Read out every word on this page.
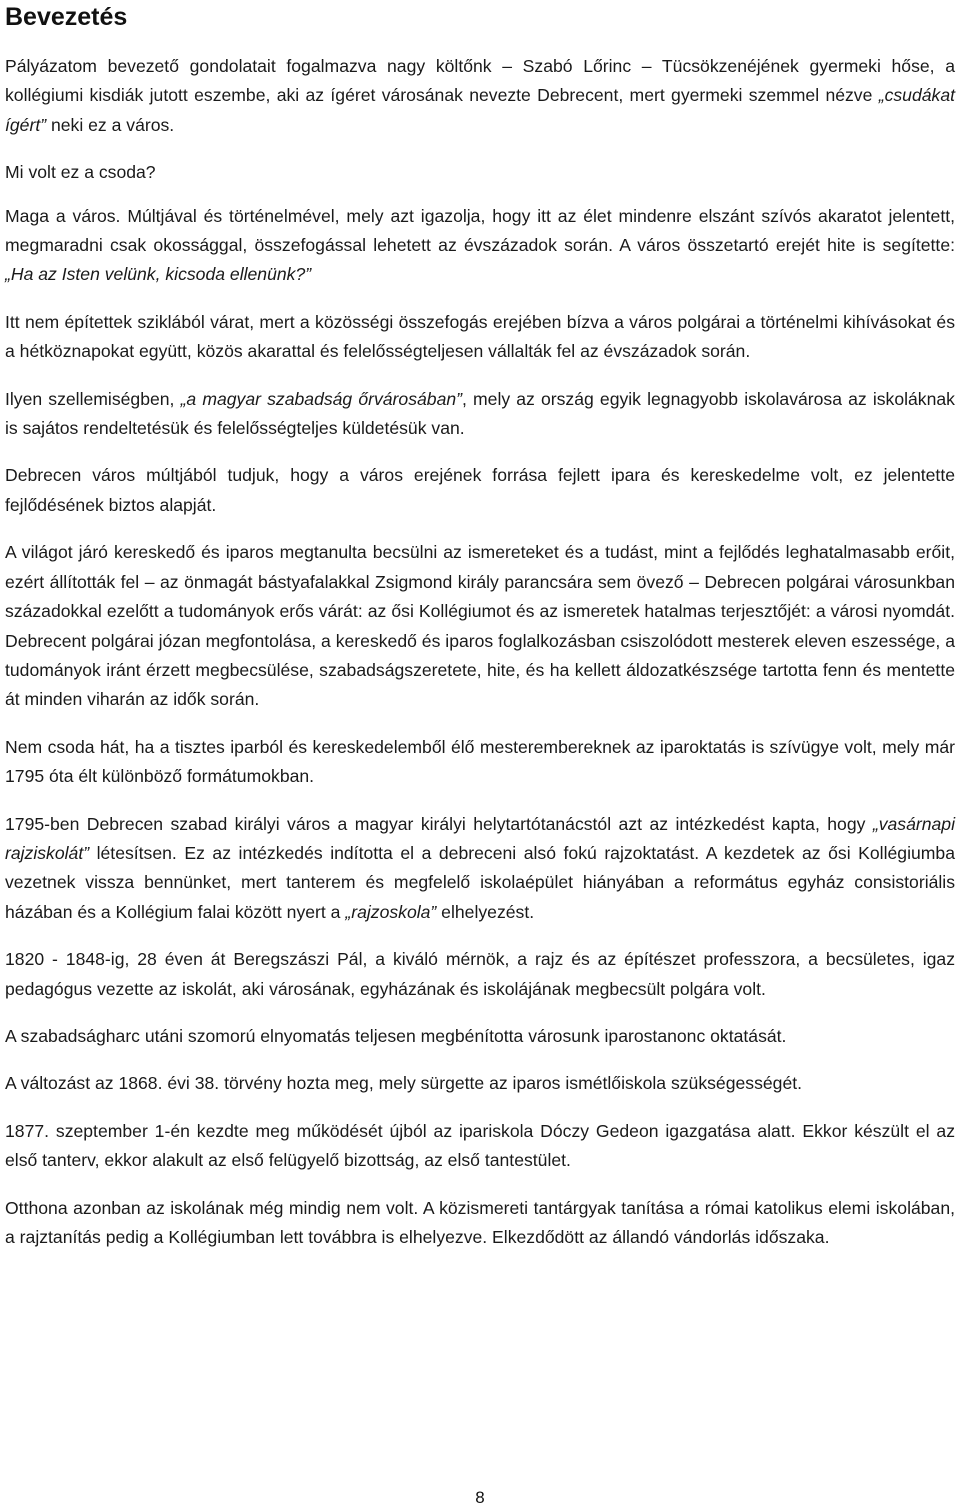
Bevezetés

Pályázatom bevezető gondolatait fogalmazva nagy költőnk – Szabó Lőrinc – Tücsökzenéjének gyermeki hőse, a kollégiumi kisdiák jutott eszembe, aki az ígéret városának nevezte Debrecent, mert gyermeki szemmel nézve „csudákat ígért” neki ez a város.

Mi volt ez a csoda?

Maga a város. Múltjával és történelmével, mely azt igazolja, hogy itt az élet mindenre elszánt szívós akaratot jelentett, megmaradni csak okossággal, összefogással lehetett az évszázadok során. A város összetartó erejét hite is segítette: „Ha az Isten velünk, kicsoda ellenünk?”

Itt nem építettek sziklából várat, mert a közösségi összefogás erejében bízva a város polgárai a történelmi kihívásokat és a hétköznapokat együtt, közös akarattal és felelősségteljesen vállalták fel az évszázadok során.

Ilyen szellemiségben, „a magyar szabadság őrvárosában”, mely az ország egyik legnagyobb iskolavárosa az iskoláknak is sajátos rendeltetésük és felelősségteljes küldetésük van.

Debrecen város múltjából tudjuk, hogy a város erejének forrása fejlett ipara és kereskedelme volt, ez jelentette fejlődésének biztos alapját.

A világot járó kereskedő és iparos megtanulta becsülni az ismereteket és a tudást, mint a fejlődés leghatalmasabb erőit, ezért állították fel – az önmagát bástyafalakkal Zsigmond király parancsára sem övező – Debrecen polgárai városunkban századokkal ezelőtt a tudományok erős várát: az ősi Kollégiumot és az ismeretek hatalmas terjesztőjét: a városi nyomdát. Debrecent polgárai józan megfontolása, a kereskedő és iparos foglalkozásban csiszolódott mesterek eleven eszessége, a tudományok iránt érzett megbecsülése, szabadságszeretete, hite, és ha kellett áldozatkészsége tartotta fenn és mentette át minden viharán az idők során.

Nem csoda hát, ha a tisztes iparból és kereskedelemből élő mesterembereknek az iparoktatás is szívügye volt, mely már 1795 óta élt különböző formátumokban.

1795-ben Debrecen szabad királyi város a magyar királyi helytartótanácstól azt az intézkedést kapta, hogy „vasárnapi rajziskolát” létesítsen. Ez az intézkedés indította el a debreceni alsó fokú rajzoktatást. A kezdetek az ősi Kollégiumba vezetnek vissza bennünket, mert tanterem és megfelelő iskolaépület hiányában a református egyház consistoriális házában és a Kollégium falai között nyert a „rajzoskola” elhelyezést.

1820 - 1848-ig, 28 éven át Beregszászi Pál, a kiváló mérnök, a rajz és az építészet professzora, a becsületes, igaz pedagógus vezette az iskolát, aki városának, egyházának és iskolájának megbecsült polgára volt.

A szabadságharc utáni szomorú elnyomatás teljesen megbénította városunk iparostanonc oktatását.

A változást az 1868. évi 38. törvény hozta meg, mely sürgette az iparos ismétlőiskola szükségességét.

1877. szeptember 1-én kezdte meg működését újból az ipariskola Dóczy Gedeon igazgatása alatt. Ekkor készült el az első tanterv, ekkor alakult az első felügyelő bizottság, az első tantestület.

Otthona azonban az iskolának még mindig nem volt. A közismereti tantárgyak tanítása a római katolikus elemi iskolában, a rajztanítás pedig a Kollégiumban lett továbbra is elhelyezve. Elkezdődött az állandó vándorlás időszaka.

8
